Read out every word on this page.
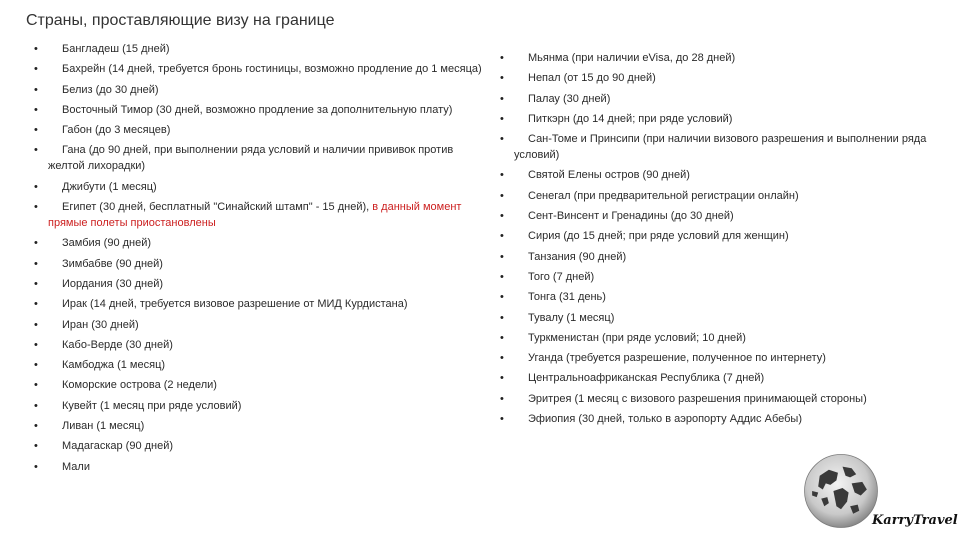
Страны, проставляющие визу на границе
• Бангладеш (15 дней)
• Бахрейн (14 дней, требуется бронь гостиницы, возможно продление до 1 месяца)
• Белиз (до 30 дней)
• Восточный Тимор (30 дней, возможно продление за дополнительную плату)
• Габон (до 3 месяцев)
• Гана (до 90 дней, при выполнении ряда условий и наличии прививок против желтой лихорадки)
• Джибути (1 месяц)
• Египет (30 дней, бесплатный "Синайский штамп" - 15 дней), в данный момент прямые полеты приостановлены
• Замбия (90 дней)
• Зимбабве (90 дней)
• Иордания (30 дней)
• Ирак (14 дней, требуется визовое разрешение от МИД Курдистана)
• Иран (30 дней)
• Кабо-Верде (30 дней)
• Камбоджа (1 месяц)
• Коморские острова (2 недели)
• Кувейт (1 месяц при ряде условий)
• Ливан (1 месяц)
• Мадагаскар (90 дней)
• Мали
• Мьянма (при наличии eVisa, до 28 дней)
• Непал (от 15 до 90 дней)
• Палау (30 дней)
• Питкэрн (до 14 дней; при ряде условий)
• Сан-Томе и Принсипи (при наличии визового разрешения и выполнении ряда условий)
• Святой Елены остров (90 дней)
• Сенегал (при предварительной регистрации онлайн)
• Сент-Винсент и Гренадины (до 30 дней)
• Сирия (до 15 дней; при ряде условий для женщин)
• Танзания (90 дней)
• Того (7 дней)
• Тонга (31 день)
• Тувалу (1 месяц)
• Туркменистан (при ряде условий; 10 дней)
• Уганда (требуется разрешение, полученное по интернету)
• Центральноафриканская Республика (7 дней)
• Эритрея (1 месяц с визового разрешения принимающей стороны)
• Эфиопия (30 дней, только в аэропорту Аддис Абебы)
KarryTravel
